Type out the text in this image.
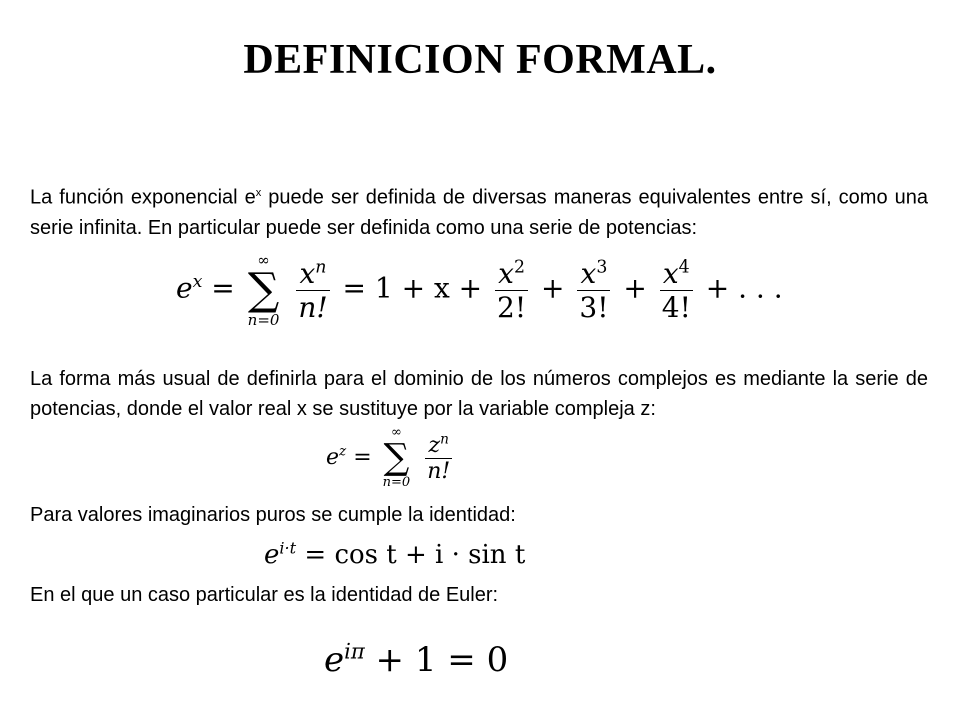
DEFINICION FORMAL.
La función exponencial $e^x$ puede ser definida de diversas maneras equivalentes entre sí, como una serie infinita. En particular puede ser definida como una serie de potencias:
$e^x$ =
∞
∑
n=0
$\frac{x^n}{n!} = 1 + x + \frac{x^2}{2!} + \frac{x^3}{3!} + \frac{x^4}{4!}$ + . . .
La forma más usual de definirla para el dominio de los números complejos es mediante la serie de potencias, donde el valor real x se sustituye por la variable compleja z:
$e^z$ =
∞
∑
n=0
$\frac{z^n}{n!}$
Para valores imaginarios puros se cumple la identidad:
$e^{i\cdot t} = \cos t + i \cdot \sin t$
En el que un caso particular es la identidad de Euler:
$e^{i\pi} + 1 = 0$
